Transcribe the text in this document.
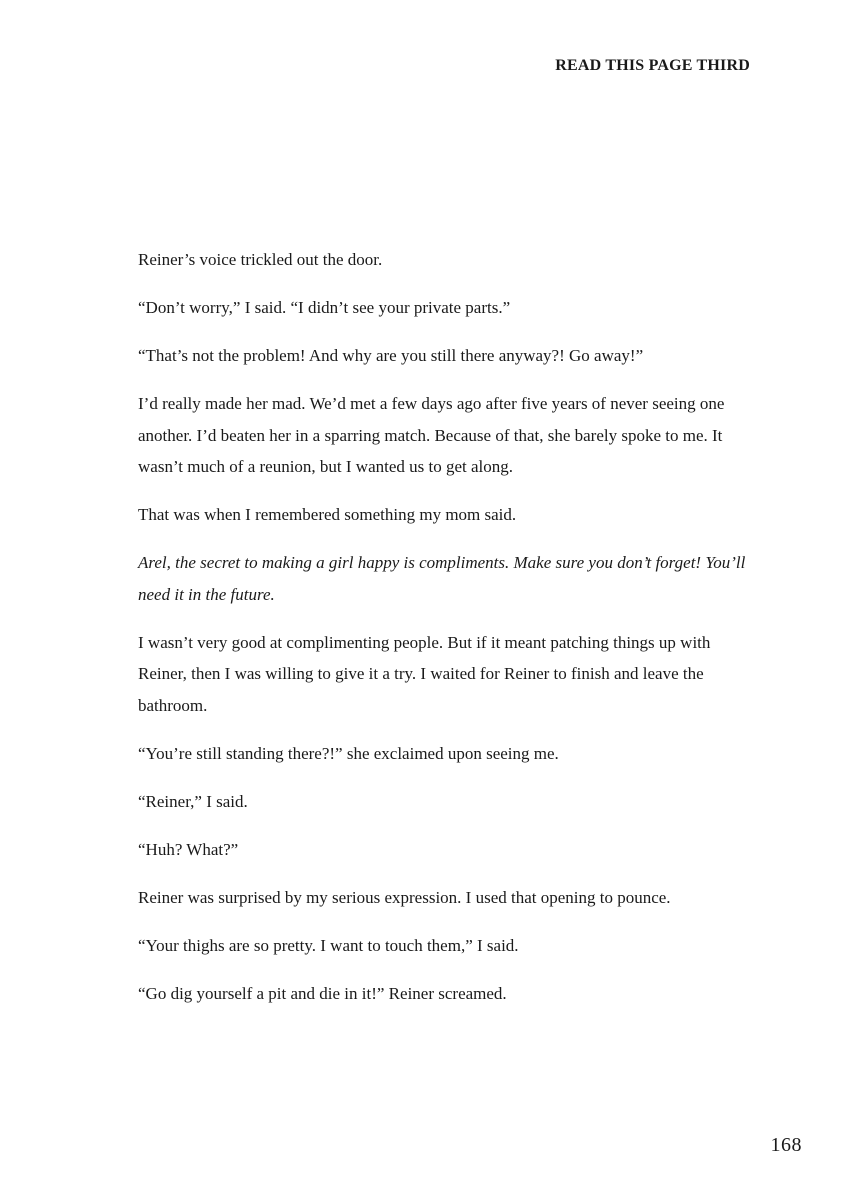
READ THIS PAGE THIRD

Reiner’s voice trickled out the door.

“Don’t worry,” I said. “I didn’t see your private parts.”

“That’s not the problem! And why are you still there anyway?! Go away!”

I’d really made her mad. We’d met a few days ago after five years of never seeing one another. I’d beaten her in a sparring match. Because of that, she barely spoke to me. It wasn’t much of a reunion, but I wanted us to get along.

That was when I remembered something my mom said.

Arel, the secret to making a girl happy is compliments. Make sure you don’t forget! You’ll need it in the future.

I wasn’t very good at complimenting people. But if it meant patching things up with Reiner, then I was willing to give it a try. I waited for Reiner to finish and leave the bathroom.

“You’re still standing there?!” she exclaimed upon seeing me.

“Reiner,” I said.

“Huh? What?”

Reiner was surprised by my serious expression. I used that opening to pounce.

“Your thighs are so pretty. I want to touch them,” I said.

“Go dig yourself a pit and die in it!” Reiner screamed.

168
